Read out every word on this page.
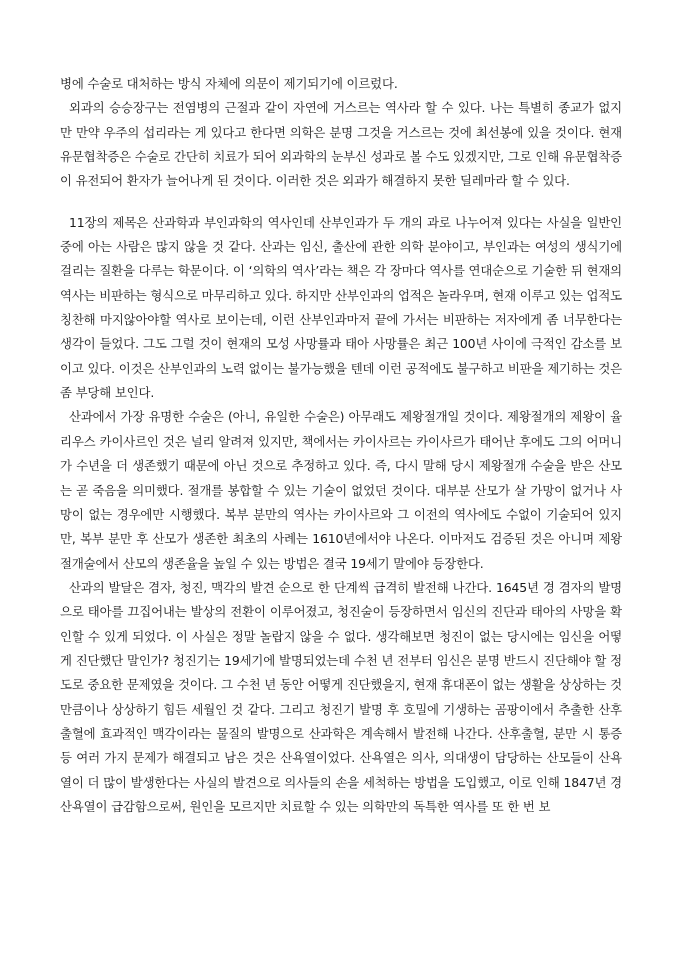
병에 수술로 대처하는 방식 자체에 의문이 제기되기에 이르렀다.

외과의 승승장구는 전염병의 근절과 같이 자연에 거스르는 역사라 할 수 있다. 나는 특별히 종교가 없지만 만약 우주의 섭리라는 게 있다고 한다면 의학은 분명 그것을 거스르는 것에 최선봉에 있을 것이다. 현재 유문협착증은 수술로 간단히 치료가 되어 외과학의 눈부신 성과로 볼 수도 있겠지만, 그로 인해 유문협착증이 유전되어 환자가 늘어나게 된 것이다. 이러한 것은 외과가 해결하지 못한 딜레마라 할 수 있다.

11장의 제목은 산과학과 부인과학의 역사인데 산부인과가 두 개의 과로 나누어져 있다는 사실을 일반인 중에 아는 사람은 많지 않을 것 같다. 산과는 임신, 출산에 관한 의학 분야이고, 부인과는 여성의 생식기에 걸리는 질환을 다루는 학문이다. 이 ‘의학의 역사’라는 책은 각 장마다 역사를 연대순으로 기술한 뒤 현재의 역사는 비판하는 형식으로 마무리하고 있다. 하지만 산부인과의 업적은 놀라우며, 현재 이루고 있는 업적도 칭찬해 마지않아야할 역사로 보이는데, 이런 산부인과마저 끝에 가서는 비판하는 저자에게 좀 너무한다는 생각이 들었다. 그도 그럴 것이 현재의 모성 사망률과 태아 사망률은 최근 100년 사이에 극적인 감소를 보이고 있다. 이것은 산부인과의 노력 없이는 불가능했을 텐데 이런 공적에도 불구하고 비판을 제기하는 것은 좀 부당해 보인다.

산과에서 가장 유명한 수술은 (아니, 유일한 수술은) 아무래도 제왕절개일 것이다. 제왕절개의 제왕이 율리우스 카이사르인 것은 널리 알려져 있지만, 책에서는 카이사르는 카이사르가 태어난 후에도 그의 어머니가 수년을 더 생존했기 때문에 아닌 것으로 추정하고 있다. 즉, 다시 말해 당시 제왕절개 수술을 받은 산모는 곧 죽음을 의미했다. 절개를 봉합할 수 있는 기술이 없었던 것이다. 대부분 산모가 살 가망이 없거나 사망이 없는 경우에만 시행했다. 복부 분만의 역사는 카이사르와 그 이전의 역사에도 수없이 기술되어 있지만, 복부 분만 후 산모가 생존한 최초의 사례는 1610년에서야 나온다. 이마저도 검증된 것은 아니며 제왕 절개술에서 산모의 생존율을 높일 수 있는 방법은 결국 19세기 말에야 등장한다.

산과의 발달은 겸자, 청진, 맥각의 발견 순으로 한 단계씩 급격히 발전해 나간다. 1645년 경 겸자의 발명으로 태아를 끄집어내는 발상의 전환이 이루어졌고, 청진술이 등장하면서 임신의 진단과 태아의 사망을 확인할 수 있게 되었다. 이 사실은 정말 놀랍지 않을 수 없다. 생각해보면 청진이 없는 당시에는 임신을 어떻게 진단했단 말인가? 청진기는 19세기에 발명되었는데 수천 년 전부터 임신은 분명 반드시 진단해야 할 정도로 중요한 문제였을 것이다. 그 수천 년 동안 어떻게 진단했을지, 현재 휴대폰이 없는 생활을 상상하는 것만큼이나 상상하기 힘든 세월인 것 같다. 그리고 청진기 발명 후 호밀에 기생하는 곰팡이에서 추출한 산후출혈에 효과적인 맥각이라는 물질의 발명으로 산과학은 계속해서 발전해 나간다. 산후출혈, 분만 시 통증 등 여러 가지 문제가 해결되고 남은 것은 산욕열이었다. 산욕열은 의사, 의대생이 담당하는 산모들이 산욕열이 더 많이 발생한다는 사실의 발견으로 의사들의 손을 세척하는 방법을 도입했고, 이로 인해 1847년 경 산욕열이 급감함으로써, 원인을 모르지만 치료할 수 있는 의학만의 독특한 역사를 또 한 번 보
